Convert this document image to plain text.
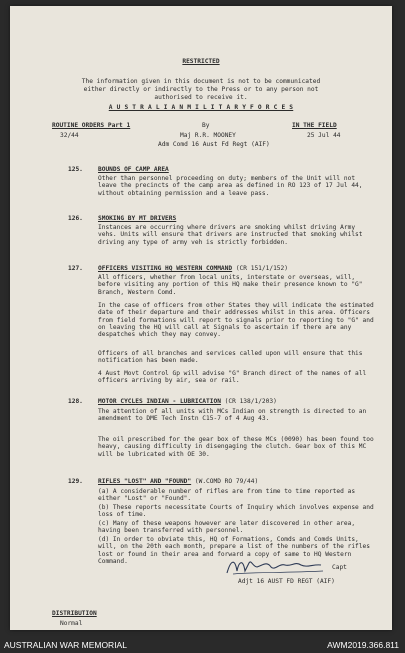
RESTRICTED
The information given in this document is not to be communicated
either directly or indirectly to the Press or to any person not
authorised to receive it.
A U S T R A L I A N M I L I T A R Y F O R C E S
ROUTINE ORDERS Part 1
32/44
By
Maj R.R. MOONEY
Adm Comd 16 Aust Fd Regt (AIF)
IN THE FIELD
25 Jul 44
125. BOUNDS OF CAMP AREA
Other than personnel proceeding on duty; members of the Unit will not leave the precincts of the camp area as defined in RO 123 of 17 Jul 44, without obtaining permission and a leave pass.
126. SMOKING BY MT DRIVERS
Instances are occurring where drivers are smoking whilst driving Army vehs. Units will ensure that drivers are instructed that smoking whilst driving any type of army veh is strictly forbidden.
127. OFFICERS VISITING HQ WESTERN COMMAND (CR 151/1/152)
All officers, whether from local units, interstate or overseas, will, before visiting any portion of this HQ make their presence known to "G" Branch, Western Comd.
In the case of officers from other States they will indicate the estimated date of their departure and their addresses whilst in this area. Officers from field formations will report to signals prior to reporting to "G" and on leaving the HQ will call at Signals to ascertain if there are any despatches which they may convey.
Officers of all branches and services called upon will ensure that this notification has been made.
4 Aust Movt Control Gp will advise "G" Branch direct of the names of all officers arriving by air, sea or rail.
128. MOTOR CYCLES INDIAN - LUBRICATION (CR 138/1/203)
The attention of all units with MCs Indian on strength is directed to an amendment to DME Tech Instn C15-7 of 4 Aug 43.
The oil prescribed for the gear box of these MCs (0090) has been found too heavy, causing difficulty in disengaging the clutch. Gear box of this MC will be lubricated with OE 30.
129. RIFLES "LOST" AND "FOUND" (W.COMD RO 79/44)
(a) A considerable number of rifles are from time to time reported as either "Lost" or "Found".
(b) These reports necessitate Courts of Inquiry which involves expense and loss of time.
(c) Many of these weapons however are later discovered in other area, having been transferred with personnel.
(d) In order to obviate this, HQ of Formations, Comds and Comds Units, will, on the 20th each month, prepare a list of the numbers of the rifles lost or found in their area and forward a copy of same to HQ Western Command.
Capt
Adjt 16 AUST FD REGT (AIF)
DISTRIBUTION
Normal
AUSTRALIAN WAR MEMORIAL	AWM2019.366.811
